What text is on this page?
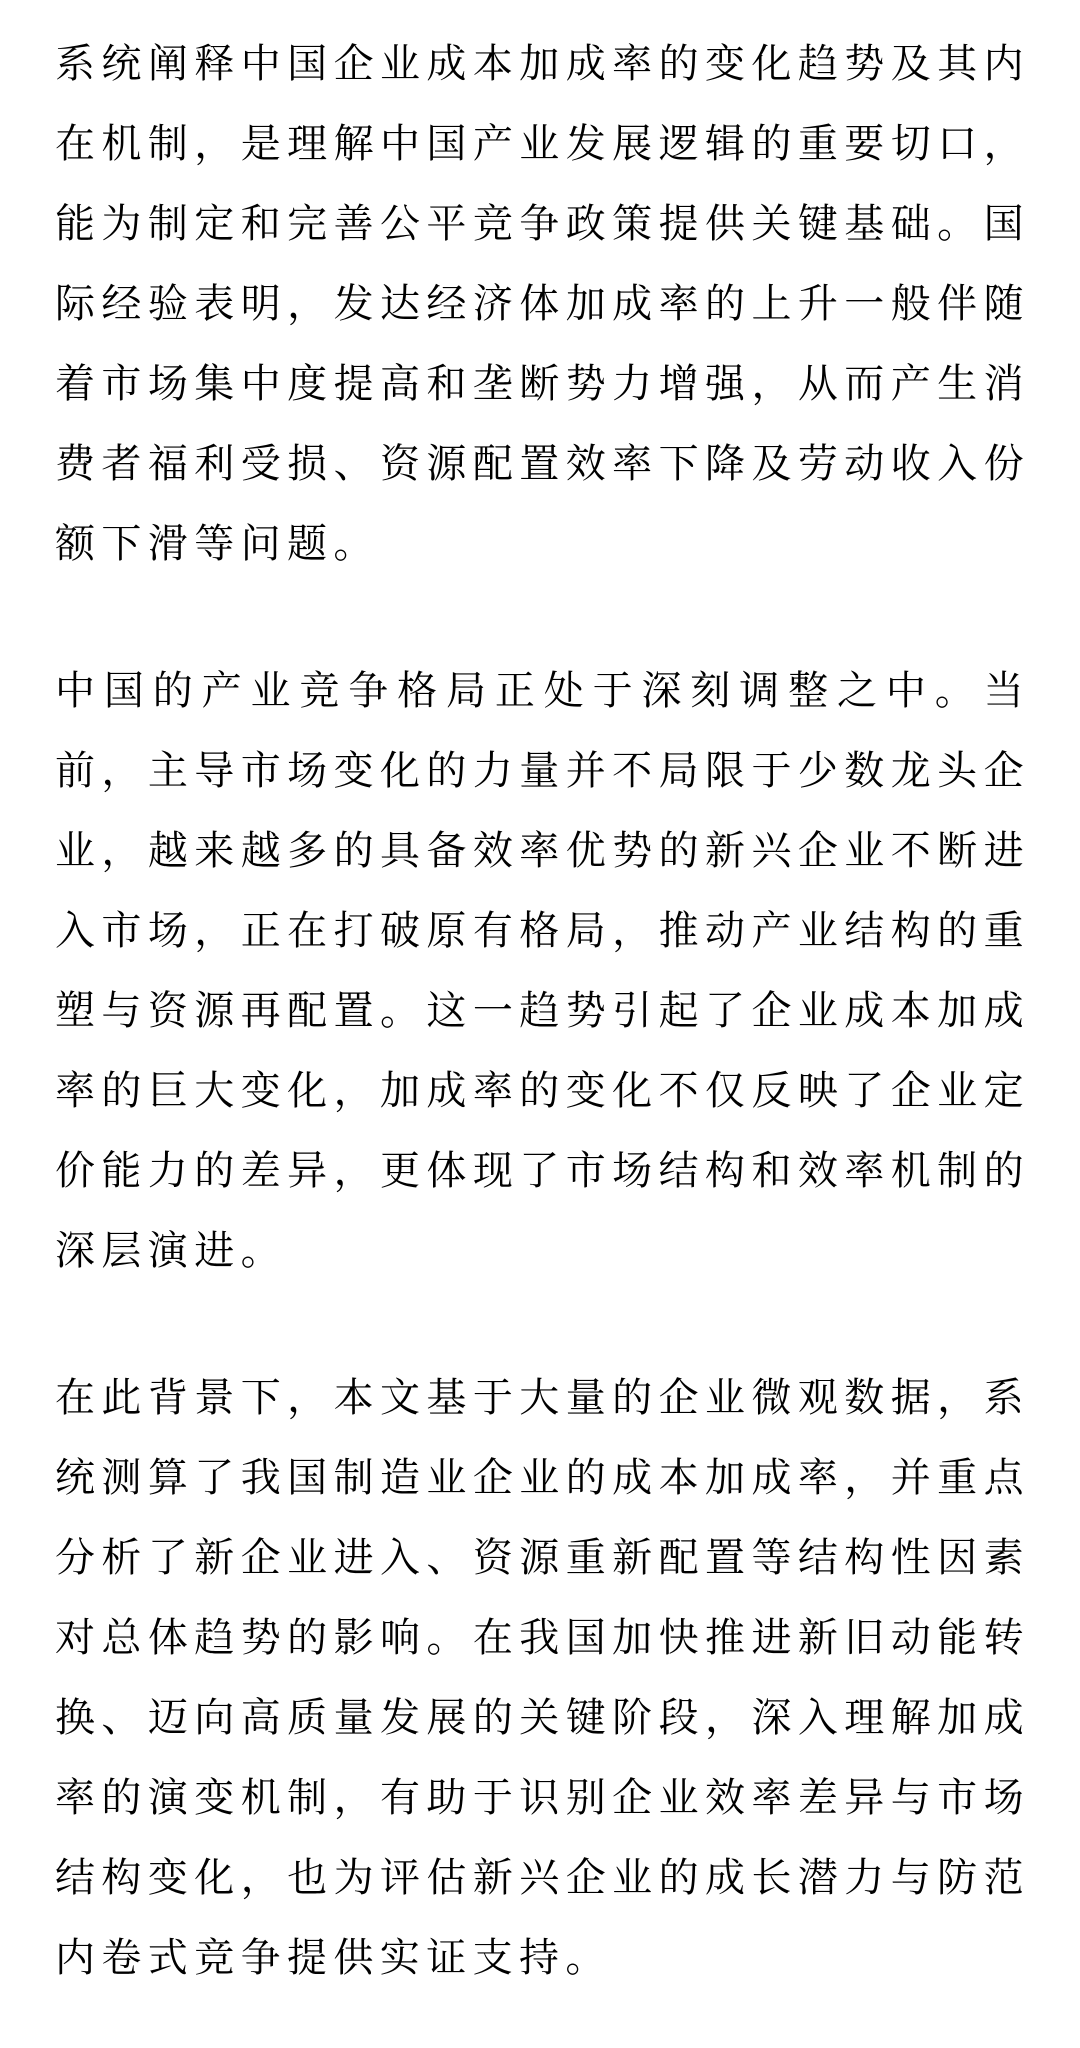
系统阐释中国企业成本加成率的变化趋势及其内在机制，是理解中国产业发展逻辑的重要切口，能为制定和完善公平竞争政策提供关键基础。国际经验表明，发达经济体加成率的上升一般伴随着市场集中度提高和垄断势力增强，从而产生消费者福利受损、资源配置效率下降及劳动收入份额下滑等问题。

中国的产业竞争格局正处于深刻调整之中。当前，主导市场变化的力量并不局限于少数龙头企业，越来越多的具备效率优势的新兴企业不断进入市场，正在打破原有格局，推动产业结构的重塑与资源再配置。这一趋势引起了企业成本加成率的巨大变化，加成率的变化不仅反映了企业定价能力的差异，更体现了市场结构和效率机制的深层演进。

在此背景下，本文基于大量的企业微观数据，系统测算了我国制造业企业的成本加成率，并重点分析了新企业进入、资源重新配置等结构性因素对总体趋势的影响。在我国加快推进新旧动能转换、迈向高质量发展的关键阶段，深入理解加成率的演变机制，有助于识别企业效率差异与市场结构变化，也为评估新兴企业的成长潜力与防范内卷式竞争提供实证支持。
